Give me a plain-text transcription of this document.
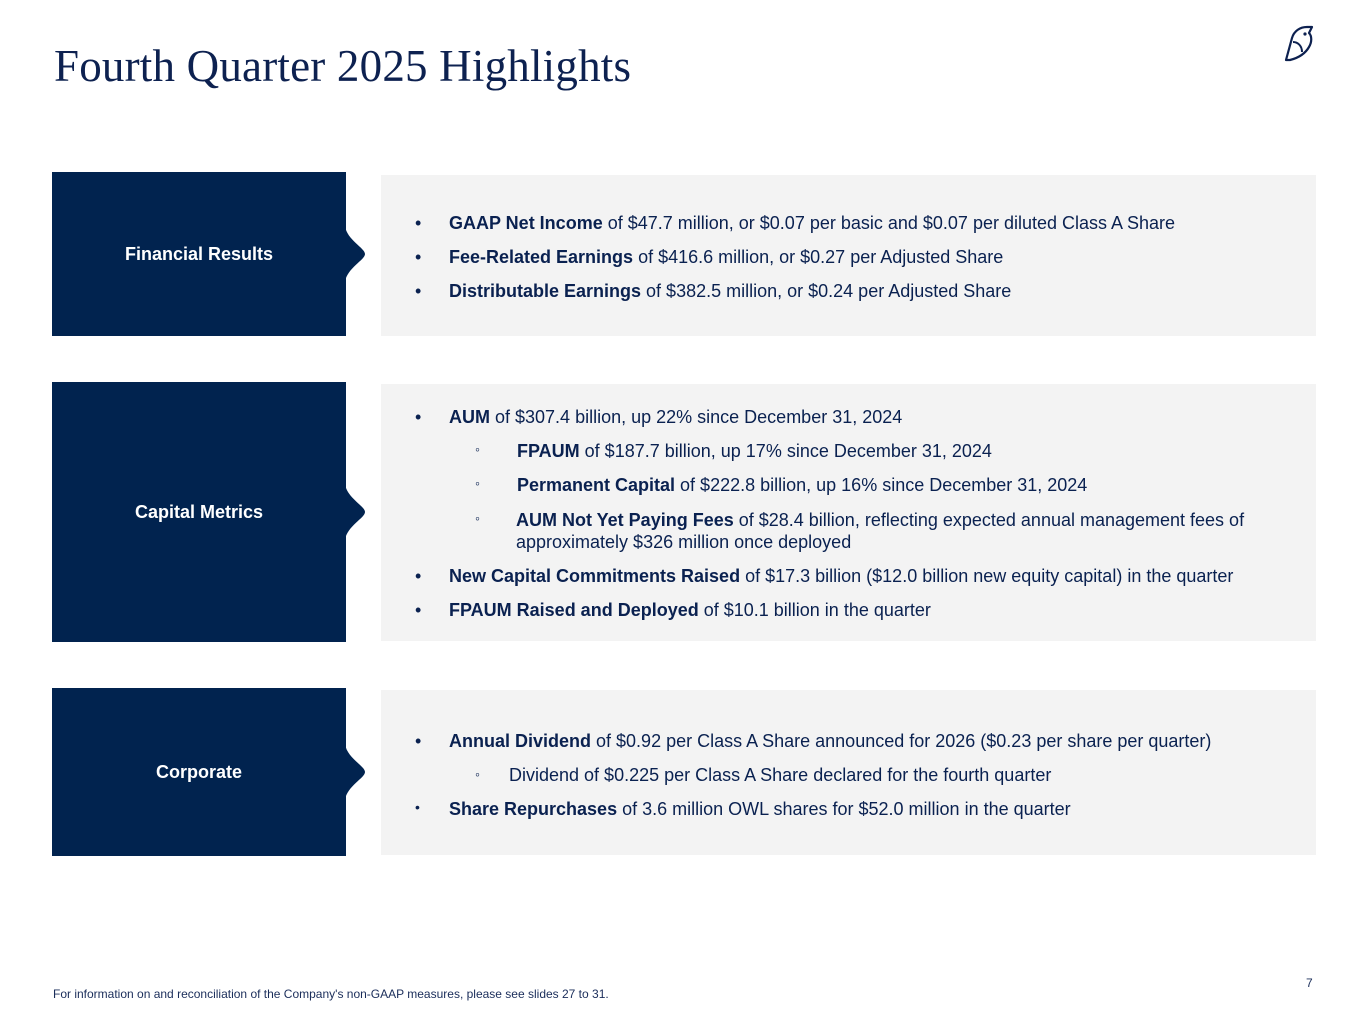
Fourth Quarter 2025 Highlights
Financial Results
• GAAP Net Income of $47.7 million, or $0.07 per basic and $0.07 per diluted Class A Share
• Fee-Related Earnings of $416.6 million, or $0.27 per Adjusted Share
• Distributable Earnings of $382.5 million, or $0.24 per Adjusted Share
Capital Metrics
• AUM of $307.4 billion, up 22% since December 31, 2024
◦ FPAUM of $187.7 billion, up 17% since December 31, 2024
◦ Permanent Capital of $222.8 billion, up 16% since December 31, 2024
◦ AUM Not Yet Paying Fees of $28.4 billion, reflecting expected annual management fees of
approximately $326 million once deployed
• New Capital Commitments Raised of $17.3 billion ($12.0 billion new equity capital) in the quarter
• FPAUM Raised and Deployed of $10.1 billion in the quarter
Corporate
• Annual Dividend of $0.92 per Class A Share announced for 2026 ($0.23 per share per quarter)
◦ Dividend of $0.225 per Class A Share declared for the fourth quarter
• Share Repurchases of 3.6 million OWL shares for $52.0 million in the quarter
For information on and reconciliation of the Company's non-GAAP measures, please see slides 27 to 31.
7
